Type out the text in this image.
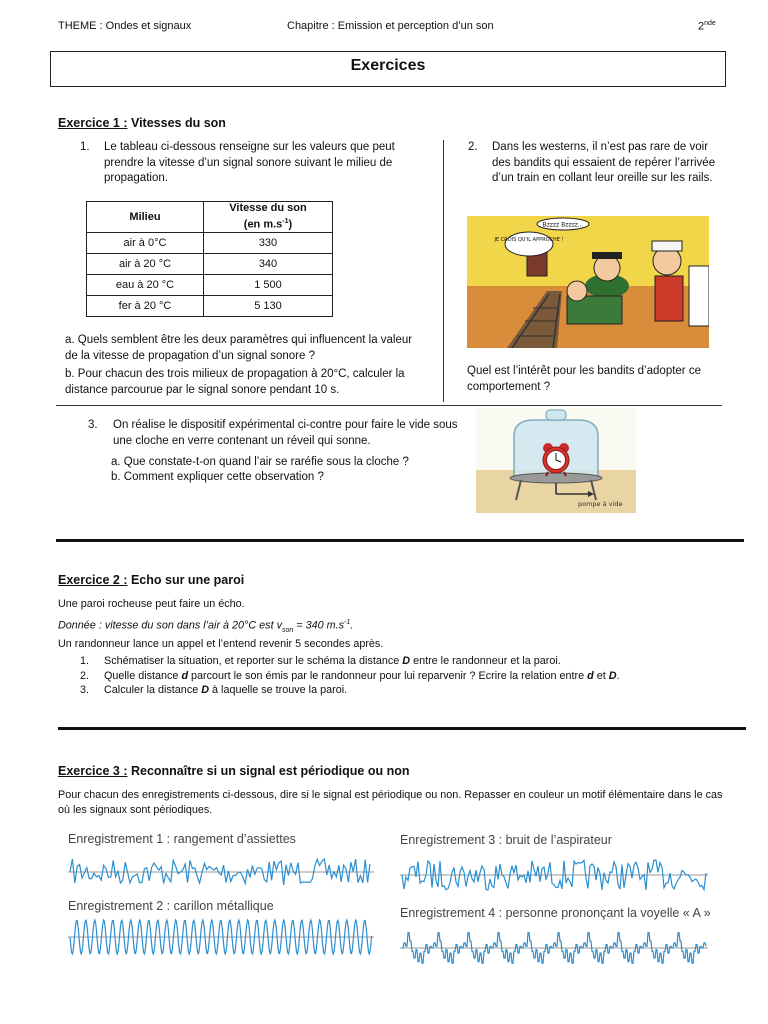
THEME : Ondes et signaux	Chapitre : Emission et perception d’un son	2nde
Exercices
Exercice 1 : Vitesses du son
1. Le tableau ci-dessous renseigne sur les valeurs que peut prendre la vitesse d’un signal sonore suivant le milieu de propagation.
Milieu	Vitesse du son
(en $m.s^{-1}$)
air à 0°C	330
air à 20 °C	340
eau à 20 °C	1 500
fer à 20 °C	5 130
a. Quels semblent être les deux paramètres qui influencent la valeur de la vitesse de propagation d’un signal sonore ?
b. Pour chacun des trois milieux de propagation à 20°C, calculer la distance parcourue par le signal sonore pendant 10 s.
2. Dans les westerns, il n’est pas rare de voir des bandits qui essaient de repérer l’arrivée d’un train en collant leur oreille sur les rails.
Bzzzz Bzzzz...
JE CROIS QU'IL APPROCHE !
Quel est l’intérêt pour les bandits d’adopter ce comportement ?
3. On réalise le dispositif expérimental ci-contre pour faire le vide sous une cloche en verre contenant un réveil qui sonne.
a. Que constate-t-on quand l’air se raréfie sous la cloche ?
b. Comment expliquer cette observation ?
pompe à vide
Exercice 2 : Echo sur une paroi
Une paroi rocheuse peut faire un écho.
Donnée : vitesse du son dans l’air à 20°C est $v_{son} = 340$ $m.s^{-1}$.
Un randonneur lance un appel et l’entend revenir 5 secondes après.
1. Schématiser la situation, et reporter sur le schéma la distance D entre le randonneur et la paroi.
2. Quelle distance d parcourt le son émis par le randonneur pour lui reparvenir ? Ecrire la relation entre d et D.
3. Calculer la distance D à laquelle se trouve la paroi.
Exercice 3 : Reconnaître si un signal est périodique ou non
Pour chacun des enregistrements ci-dessous, dire si le signal est périodique ou non. Repasser en couleur un motif élémentaire dans le cas où les signaux sont périodiques.
Enregistrement 1 : rangement d’assiettes
Enregistrement 2 : carillon métallique
Enregistrement 3 : bruit de l’aspirateur
Enregistrement 4 : personne prononçant la voyelle « A »
